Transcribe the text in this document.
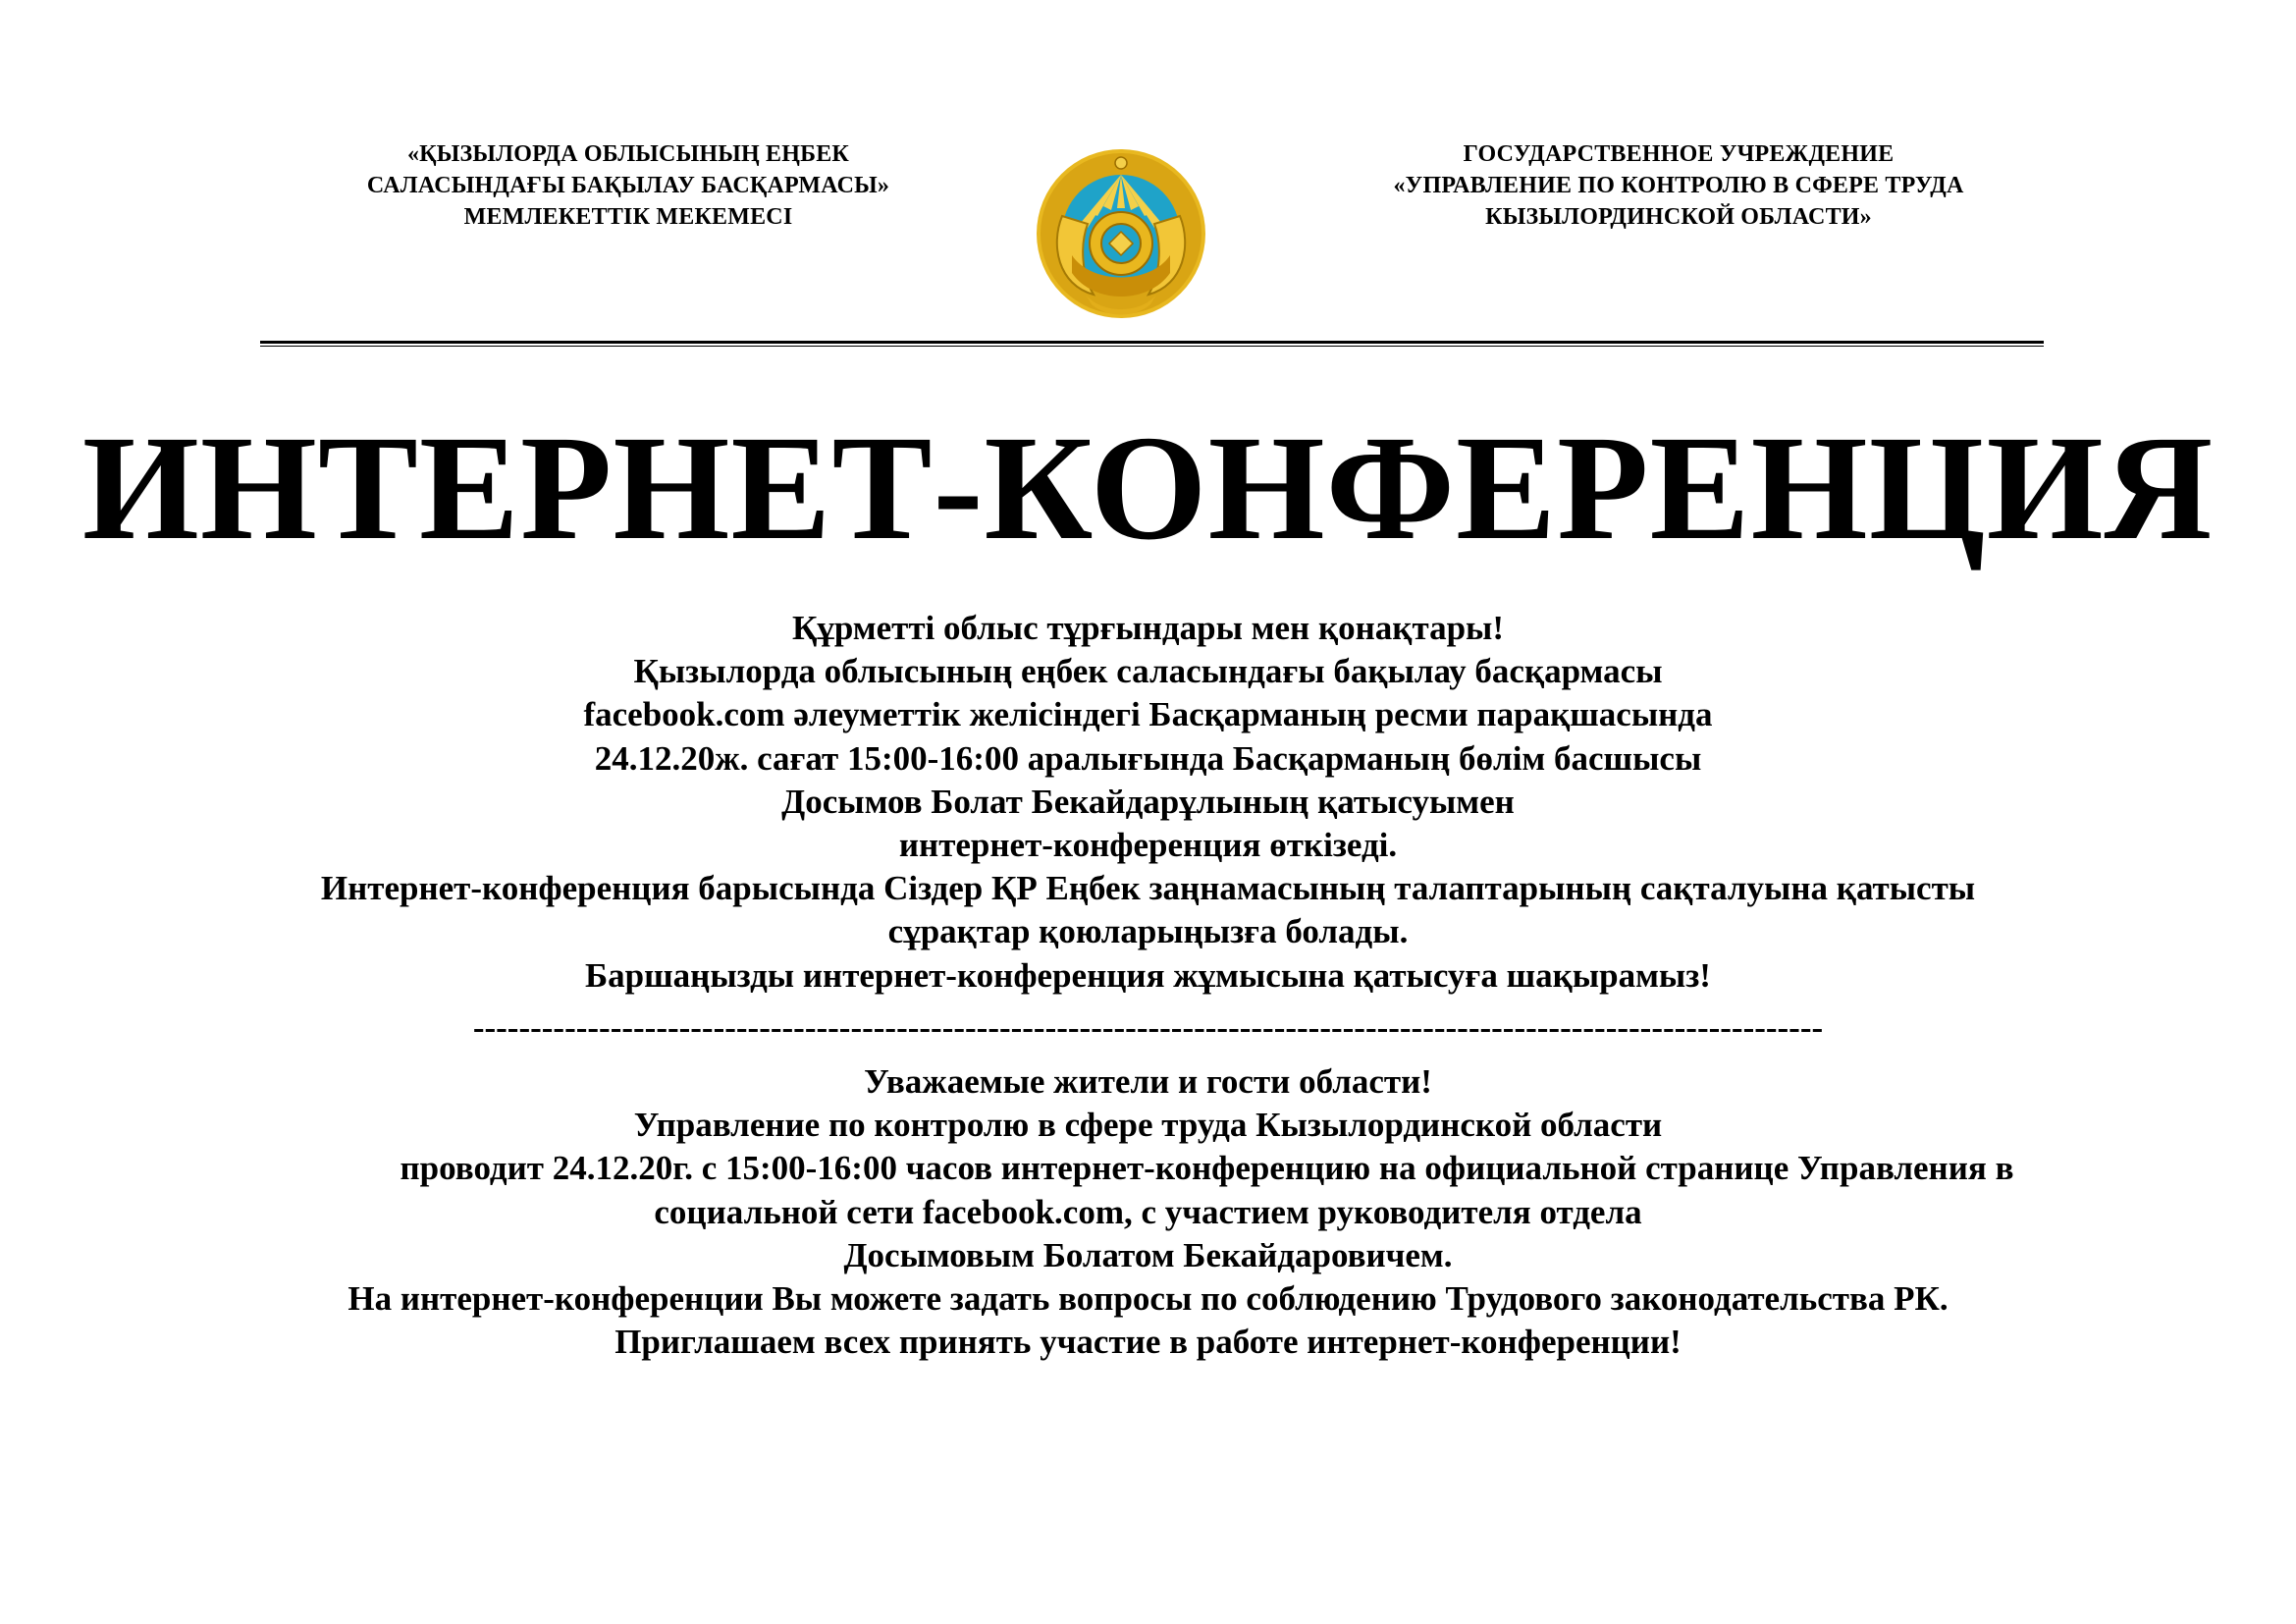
«ҚЫЗЫЛОРДА ОБЛЫСЫНЫҢ ЕҢБЕК
САЛАСЫНДАҒЫ БАҚЫЛАУ БАСҚАРМАСЫ»
МЕМЛЕКЕТТІК МЕКЕМЕСІ
ГОСУДАРСТВЕННОЕ УЧРЕЖДЕНИЕ
«УПРАВЛЕНИЕ ПО КОНТРОЛЮ В СФЕРЕ ТРУДА
КЫЗЫЛОРДИНСКОЙ ОБЛАСТИ»
ИНТЕРНЕТ-КОНФЕРЕНЦИЯ
Құрметті облыс тұрғындары мен қонақтары!
Қызылорда облысының еңбек саласындағы бақылау басқармасы
facebook.com әлеуметтік желісіндегі Басқарманың ресми парақшасында
24.12.20ж. сағат 15:00-16:00 аралығында Басқарманың бөлім басшысы
Досымов Болат Бекайдарұлының қатысуымен
интернет-конференция өткізеді.
Интернет-конференция барысында Сіздер ҚР Еңбек заңнамасының талаптарының сақталуына қатысты
сұрақтар қоюларыңызға болады.
Баршаңызды интернет-конференция жұмысына қатысуға шақырамыз!
----------------------------------------------------------------------------------------------------------------------
Уважаемые жители и гости области!
Управление по контролю в сфере труда Кызылординской области
проводит 24.12.20г. с 15:00-16:00 часов интернет-конференцию на официальной странице Управления в
социальной сети facebook.com, с участием руководителя отдела
Досымовым Болатом Бекайдаровичем.
На интернет-конференции Вы можете задать вопросы по соблюдению Трудового законодательства РК.
Приглашаем всех принять участие в работе интернет-конференции!
